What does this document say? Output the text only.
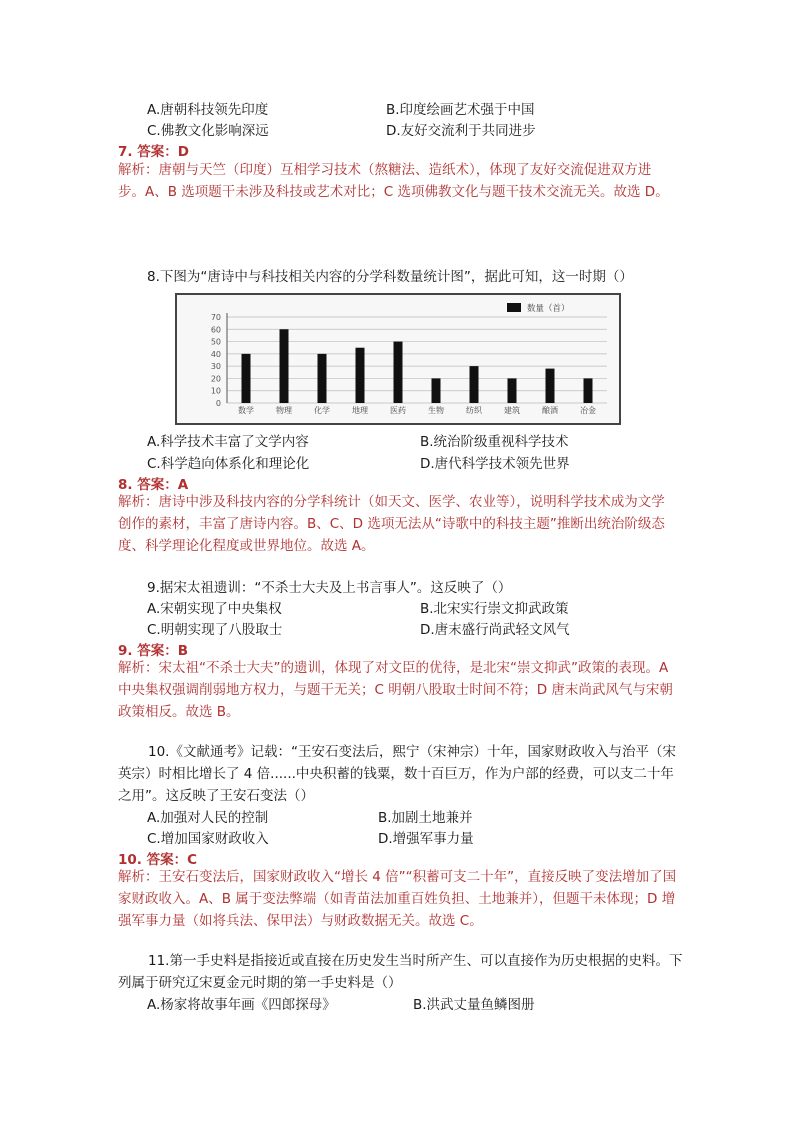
A.唐朝科技领先印度	B.印度绘画艺术强于中国
C.佛教文化影响深远	D.友好交流利于共同进步
7. 答案：D
解析：唐朝与天竺（印度）互相学习技术（熬糖法、造纸术），体现了友好交流促进双方进步。A、B 选项题干未涉及科技或艺术对比；C 选项佛教文化与题干技术交流无关。故选 D。
8.下图为“唐诗中与科技相关内容的分学科数量统计图”，据此可知，这一时期（）
0
10
20
30
40
50
60
70
数学	物理	化学	地理	医药	生物	纺织	建筑	酿酒	冶金
数量（首）
A.科学技术丰富了文学内容	B.统治阶级重视科学技术
C.科学趋向体系化和理论化	D.唐代科学技术领先世界
8. 答案：A
解析：唐诗中涉及科技内容的分学科统计（如天文、医学、农业等），说明科学技术成为文学创作的素材，丰富了唐诗内容。B、C、D 选项无法从“诗歌中的科技主题”推断出统治阶级态度、科学理论化程度或世界地位。故选 A。
9.据宋太祖遗训：“不杀士大夫及上书言事人”。这反映了（）
A.宋朝实现了中央集权	B.北宋实行崇文抑武政策
C.明朝实现了八股取士	D.唐末盛行尚武轻文风气
9. 答案：B
解析：宋太祖“不杀士大夫”的遗训，体现了对文臣的优待，是北宋“崇文抑武”政策的表现。A 中央集权强调削弱地方权力，与题干无关；C 明朝八股取士时间不符；D 唐末尚武风气与宋朝政策相反。故选 B。
10.《文献通考》记载：“王安石变法后，熙宁（宋神宗）十年，国家财政收入与治平（宋英宗）时相比增长了 4 倍......中央积蓄的钱粟，数十百巨万，作为户部的经费，可以支二十年之用”。这反映了王安石变法（）
A.加强对人民的控制	B.加剧土地兼并
C.增加国家财政收入	D.增强军事力量
10. 答案：C
解析：王安石变法后，国家财政收入“增长 4 倍”“积蓄可支二十年”，直接反映了变法增加了国家财政收入。A、B 属于变法弊端（如青苗法加重百姓负担、土地兼并），但题干未体现；D 增强军事力量（如将兵法、保甲法）与财政数据无关。故选 C。
11.第一手史料是指接近或直接在历史发生当时所产生、可以直接作为历史根据的史料。下列属于研究辽宋夏金元时期的第一手史料是（）
A.杨家将故事年画《四郎探母》	B.洪武丈量鱼鳞图册
